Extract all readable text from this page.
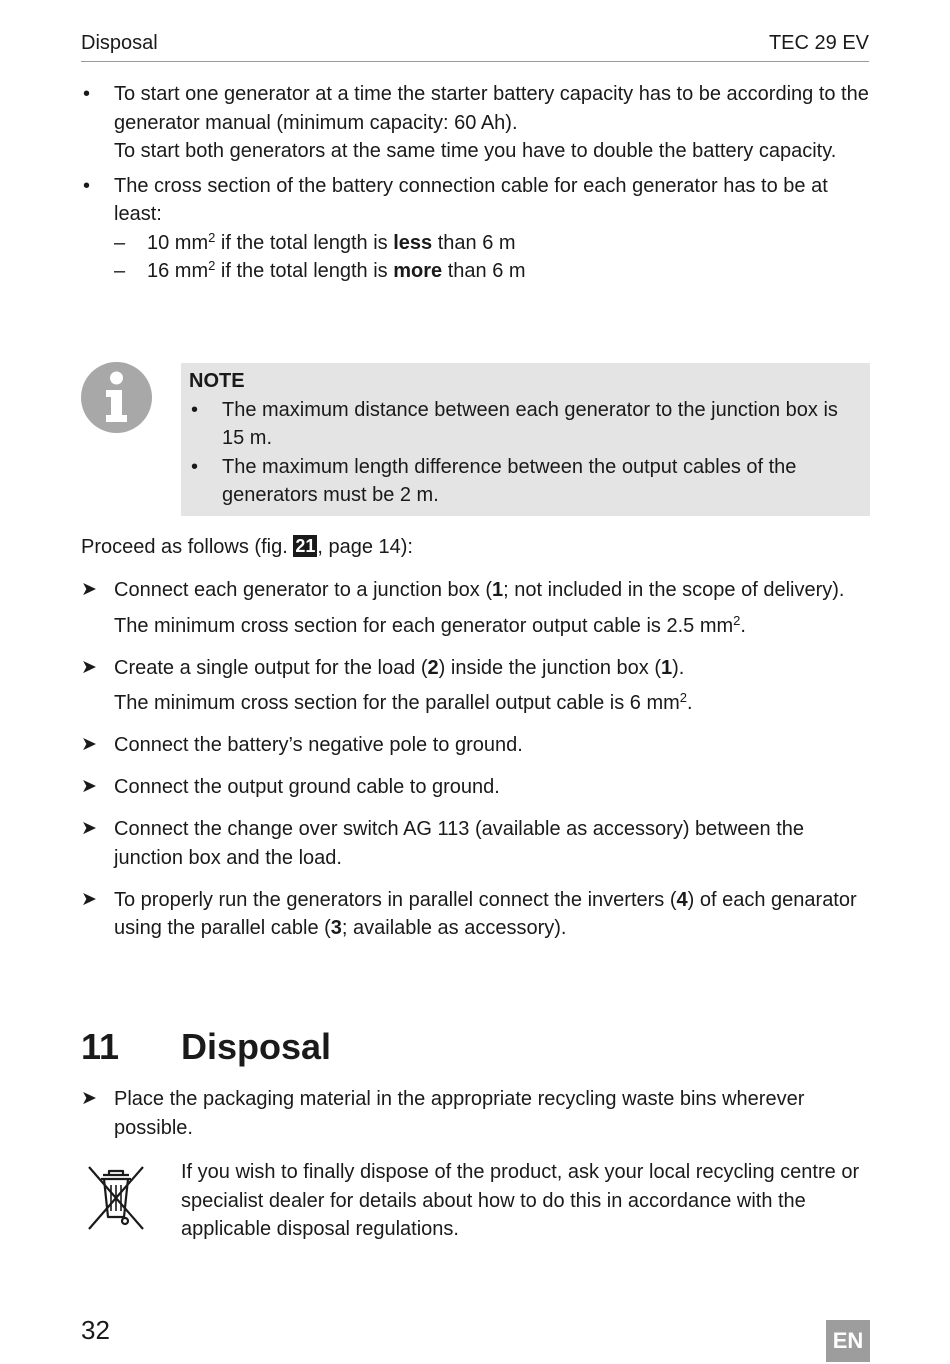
Disposal	TEC 29 EV
• To start one generator at a time the starter battery capacity has to be according to the generator manual (minimum capacity: 60 Ah).
To start both generators at the same time you have to double the battery capacity.
• The cross section of the battery connection cable for each generator has to be at least:
– 10 $mm^2$ if the total length is less than 6 m
– 16 $mm^2$ if the total length is more than 6 m
NOTE
• The maximum distance between each generator to the junction box is 15 m.
• The maximum length difference between the output cables of the generators must be 2 m.
Proceed as follows (fig. 21 , page 14):
➤ Connect each generator to a junction box (1; not included in the scope of delivery).
The minimum cross section for each generator output cable is 2.5 $mm^2$.
➤ Create a single output for the load (2) inside the junction box (1).
The minimum cross section for the parallel output cable is 6 $mm^2$.
➤ Connect the battery’s negative pole to ground.
➤ Connect the output ground cable to ground.
➤ Connect the change over switch AG 113 (available as accessory) between the junction box and the load.
➤ To properly run the generators in parallel connect the inverters (4) of each genarator using the parallel cable (3; available as accessory).
11	Disposal
➤ Place the packaging material in the appropriate recycling waste bins wherever possible.
If you wish to finally dispose of the product, ask your local recycling centre or specialist dealer for details about how to do this in accordance with the applicable disposal regulations.
32	EN
